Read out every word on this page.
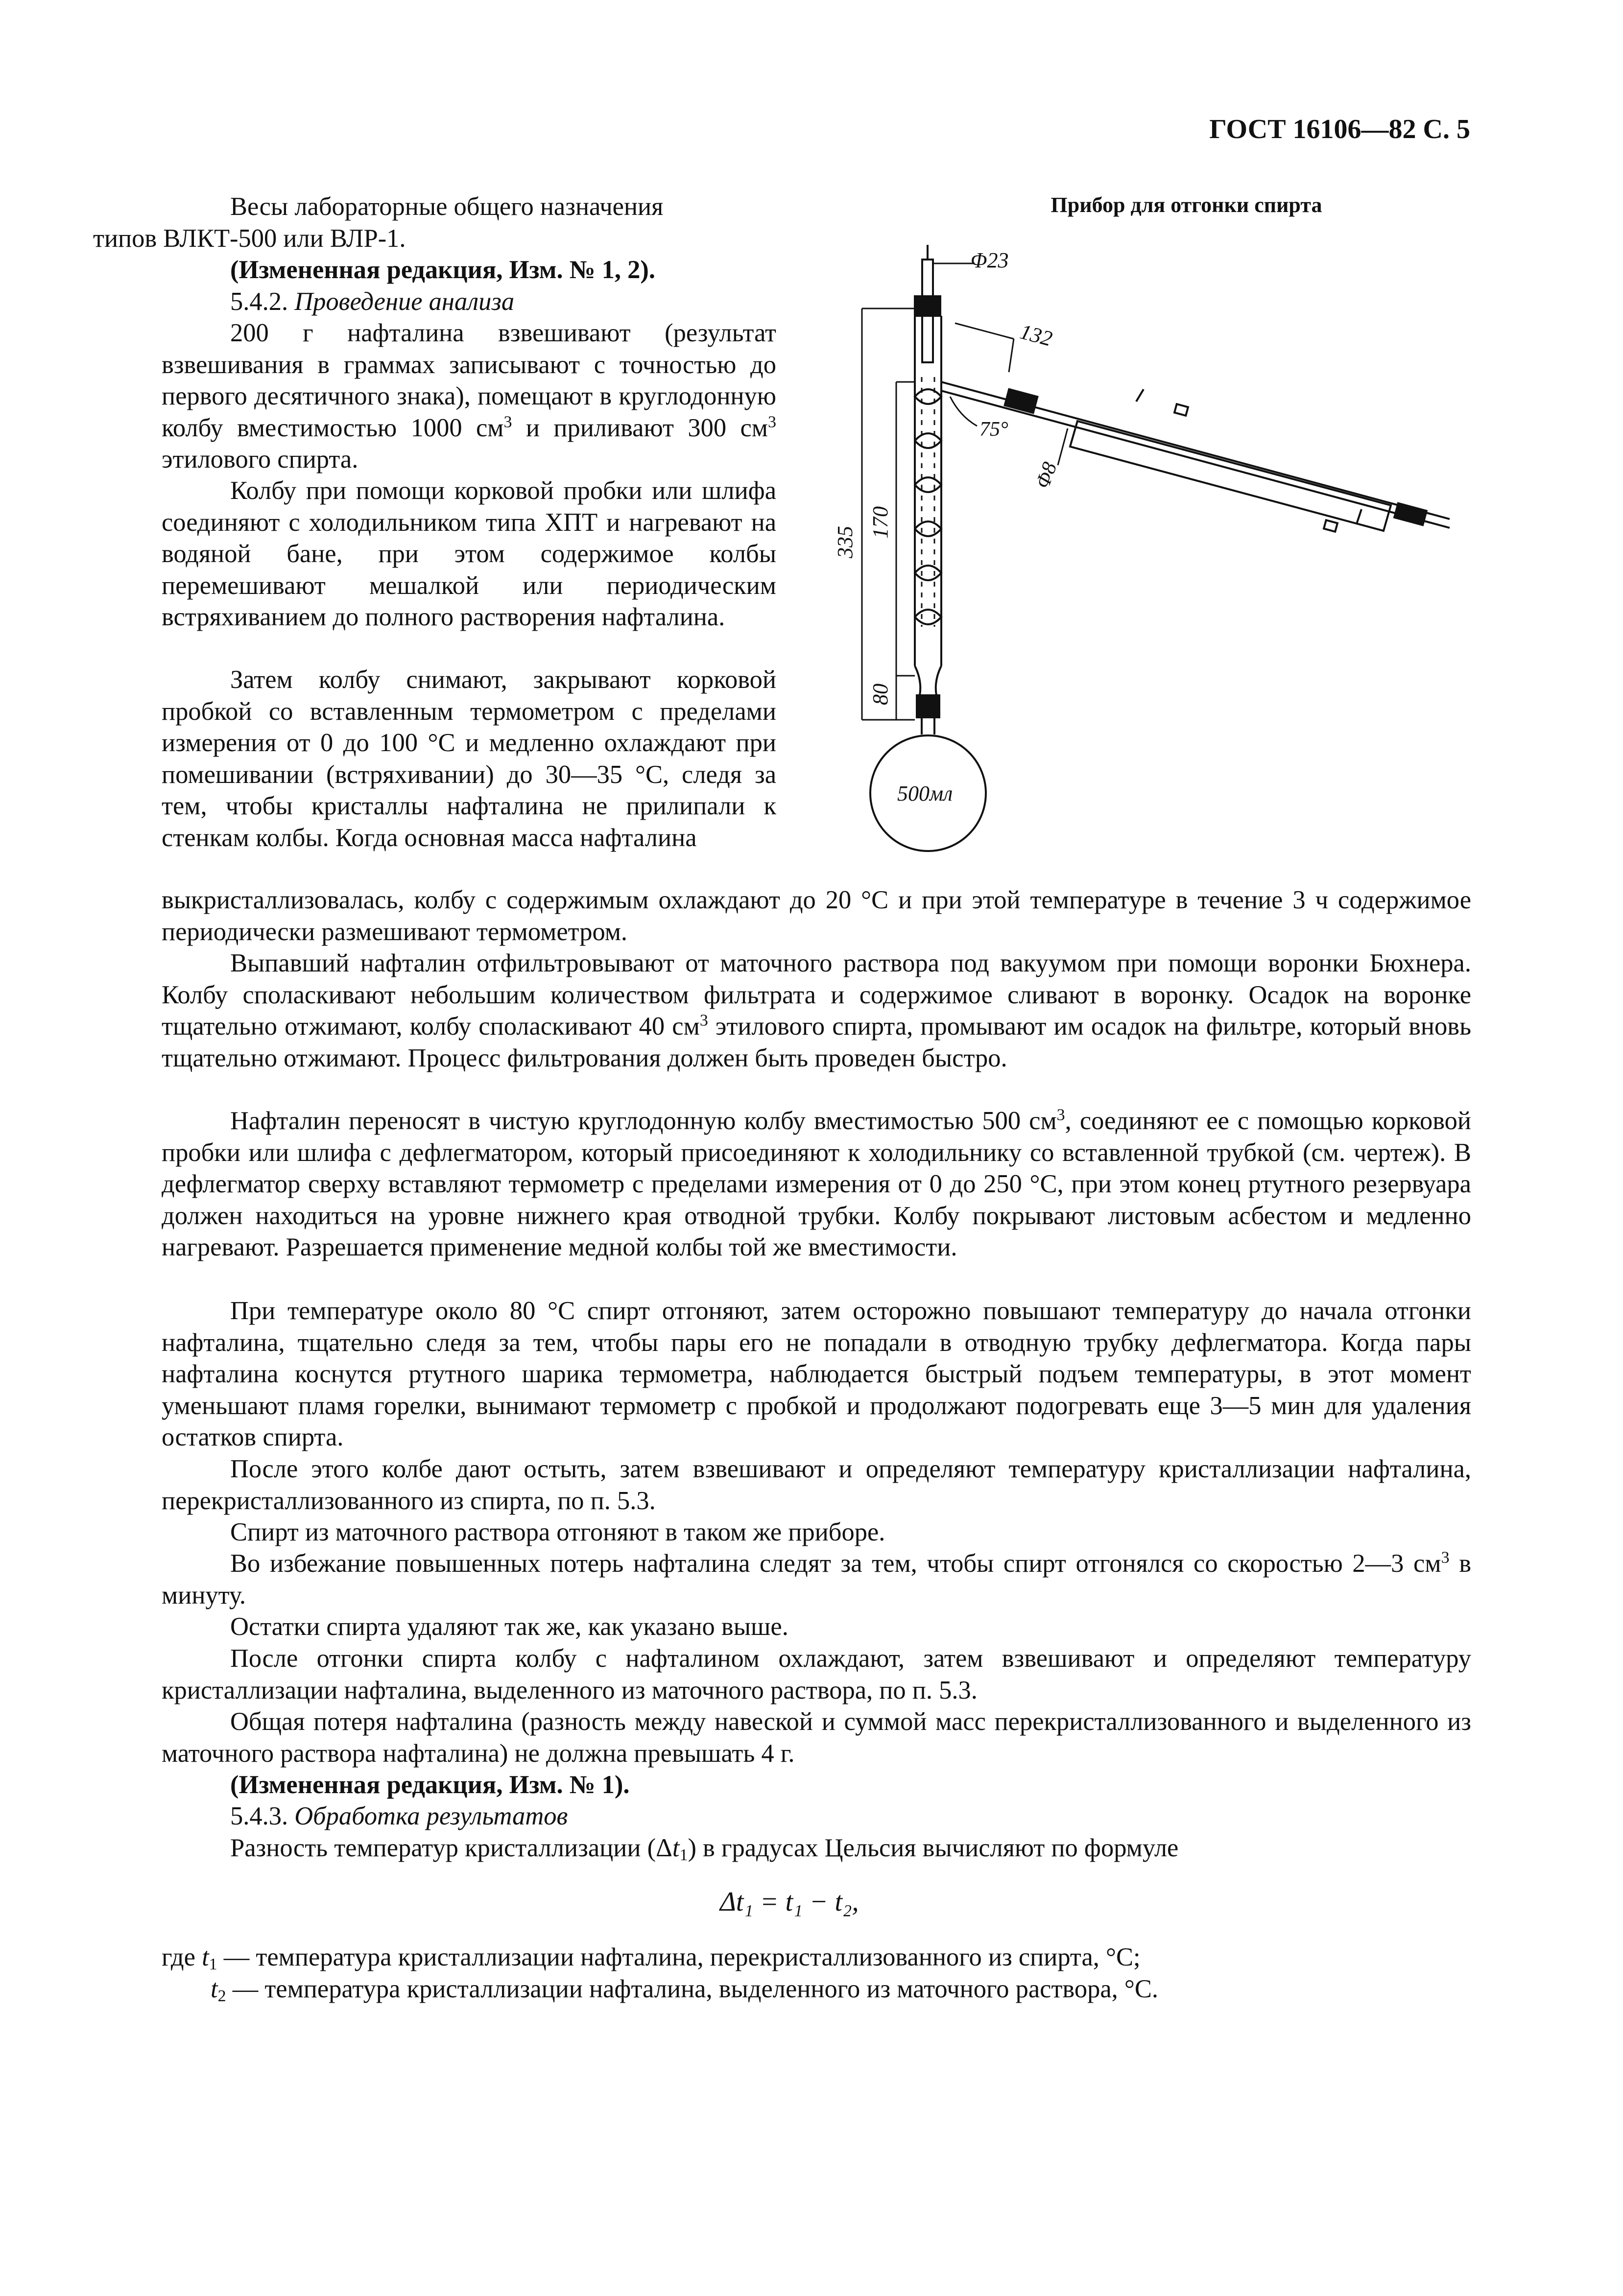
ГОСТ 16106—82 С. 5

Весы лабораторные общего назначения
типов ВЛКТ-500 или ВЛР-1.

(Измененная редакция, Изм. № 1, 2).

5.4.2. Проведение анализа

200 г нафталина взвешивают (результат взвешивания в граммах записывают с точностью до первого десятичного знака), помещают в круглодонную колбу вместимостью 1000 $см^3$ и приливают 300 $см^3$ этилового спирта.

Колбу при помощи корковой пробки или шлифа соединяют с холодильником типа ХПТ и нагревают на водяной бане, при этом содержимое колбы перемешивают мешалкой или периодическим встряхиванием до полного растворения нафталина.

Затем колбу снимают, закрывают корковой пробкой со вставленным термометром с пределами измерения от 0 до 100 °С и медленно охлаждают при помешивании (встряхивании) до 30—35 °С, следя за тем, чтобы кристаллы нафталина не прилипали к стенкам колбы. Когда основная масса нафталина

Прибор для отгонки спирта
Φ23
132
75°
Φ8
335
170
80
500мл

выкристаллизовалась, колбу с содержимым охлаждают до 20 °С и при этой температуре в течение 3 ч содержимое периодически размешивают термометром.

Выпавший нафталин отфильтровывают от маточного раствора под вакуумом при помощи воронки Бюхнера. Колбу споласкивают небольшим количеством фильтрата и содержимое сливают в воронку. Осадок на воронке тщательно отжимают, колбу споласкивают 40 $см^3$ этилового спирта, промывают им осадок на фильтре, который вновь тщательно отжимают. Процесс фильтрования должен быть проведен быстро.

Нафталин переносят в чистую круглодонную колбу вместимостью 500 $см^3$, соединяют ее с помощью корковой пробки или шлифа с дефлегматором, который присоединяют к холодильнику со вставленной трубкой (см. чертеж). В дефлегматор сверху вставляют термометр с пределами измерения от 0 до 250 °С, при этом конец ртутного резервуара должен находиться на уровне нижнего края отводной трубки. Колбу покрывают листовым асбестом и медленно нагревают. Разрешается применение медной колбы той же вместимости.

При температуре около 80 °С спирт отгоняют, затем осторожно повышают температуру до начала отгонки нафталина, тщательно следя за тем, чтобы пары его не попадали в отводную трубку дефлегматора. Когда пары нафталина коснутся ртутного шарика термометра, наблюдается быстрый подъем температуры, в этот момент уменьшают пламя горелки, вынимают термометр с пробкой и продолжают подогревать еще 3—5 мин для удаления остатков спирта.

После этого колбе дают остыть, затем взвешивают и определяют температуру кристаллизации нафталина, перекристаллизованного из спирта, по п. 5.3.

Спирт из маточного раствора отгоняют в таком же приборе.

Во избежание повышенных потерь нафталина следят за тем, чтобы спирт отгонялся со скоростью 2—3 $см^3$ в минуту.

Остатки спирта удаляют так же, как указано выше.

После отгонки спирта колбу с нафталином охлаждают, затем взвешивают и определяют температуру кристаллизации нафталина, выделенного из маточного раствора, по п. 5.3.

Общая потеря нафталина (разность между навеской и суммой масс перекристаллизованного и выделенного из маточного раствора нафталина) не должна превышать 4 г.

(Измененная редакция, Изм. № 1).

5.4.3. Обработка результатов

Разность температур кристаллизации $(\Delta t_1)$ в градусах Цельсия вычисляют по формуле

Δt₁ = t₁ − t₂,
где $t_1$ — температура кристаллизации нафталина, перекристаллизованного из спирта, °С;
$t_2$ — температура кристаллизации нафталина, выделенного из маточного раствора, °С.
